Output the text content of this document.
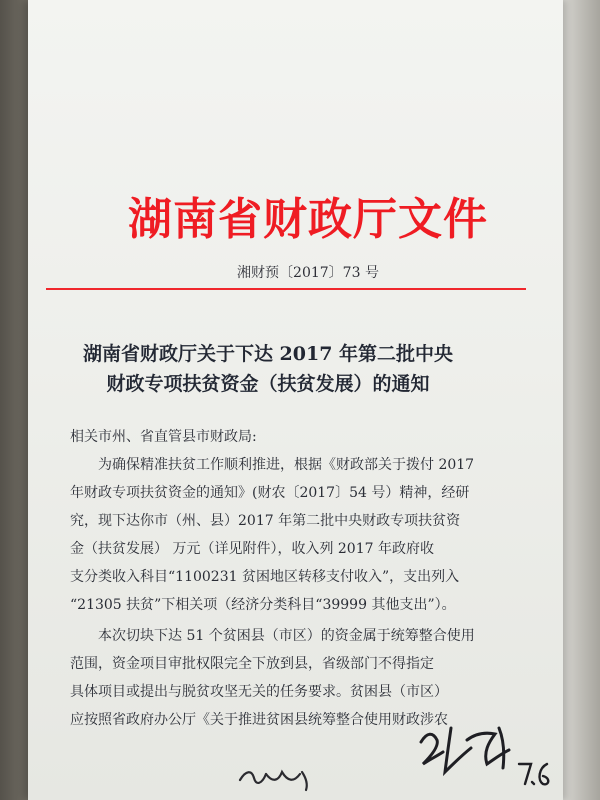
湖南省财政厅文件
湘财预〔2017〕73 号
湖南省财政厅关于下达 2017 年第二批中央
财政专项扶贫资金（扶贫发展）的通知
相关市州、省直管县市财政局:
为确保精准扶贫工作顺利推进，根据《财政部关于拨付 2017
年财政专项扶贫资金的通知》(财农〔2017〕54 号）精神，经研
究，现下达你市（州、县）2017 年第二批中央财政专项扶贫资
金（扶贫发展） 万元（详见附件），收入列 2017 年政府收
支分类收入科目“1100231 贫困地区转移支付收入”，支出列入
“21305 扶贫”下相关项（经济分类科目“39999 其他支出”）。
本次切块下达 51 个贫困县（市区）的资金属于统筹整合使用
范围，资金项目审批权限完全下放到县，省级部门不得指定
具体项目或提出与脱贫攻坚无关的任务要求。贫困县（市区）
应按照省政府办公厅《关于推进贫困县统筹整合使用财政涉农
